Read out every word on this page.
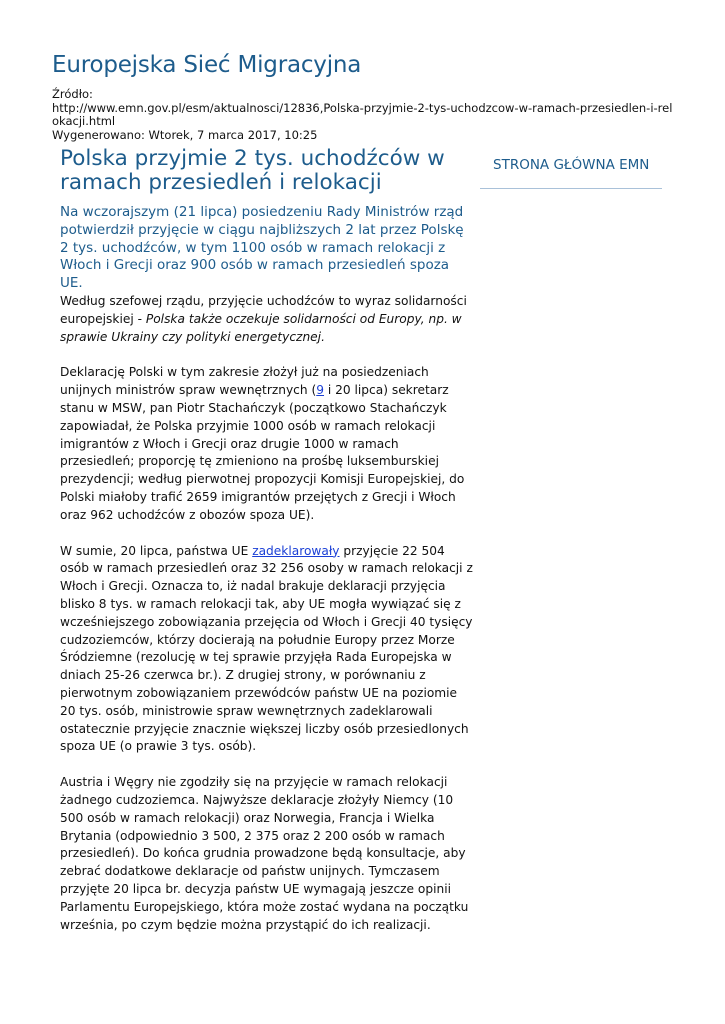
Europejska Sieć Migracyjna
Źródło:
http://www.emn.gov.pl/esm/aktualnosci/12836,Polska-przyjmie-2-tys-uchodzcow-w-ramach-przesiedlen-i-relokacji.html
Wygenerowano: Wtorek, 7 marca 2017, 10:25
Polska przyjmie 2 tys. uchodźców w ramach przesiedleń i relokacji
STRONA GŁÓWNA EMN

Na wczorajszym (21 lipca) posiedzeniu Rady Ministrów rząd potwierdził przyjęcie w ciągu najbliższych 2 lat przez Polskę 2 tys. uchodźców, w tym 1100 osób w ramach relokacji z Włoch i Grecji oraz 900 osób w ramach przesiedleń spoza UE.

Według szefowej rządu, przyjęcie uchodźców to wyraz solidarności europejskiej - Polska także oczekuje solidarności od Europy, np. w sprawie Ukrainy czy polityki energetycznej.

Deklarację Polski w tym zakresie złożył już na posiedzeniach unijnych ministrów spraw wewnętrznych (9 i 20 lipca) sekretarz stanu w MSW, pan Piotr Stachańczyk (początkowo Stachańczyk zapowiadał, że Polska przyjmie 1000 osób w ramach relokacji imigrantów z Włoch i Grecji oraz drugie 1000 w ramach przesiedleń; proporcję tę zmieniono na prośbę luksemburskiej prezydencji; według pierwotnej propozycji Komisji Europejskiej, do Polski miałoby trafić 2659 imigrantów przejętych z Grecji i Włoch oraz 962 uchodźców z obozów spoza UE).

W sumie, 20 lipca, państwa UE zadeklarowały przyjęcie 22 504 osób w ramach przesiedleń oraz 32 256 osoby w ramach relokacji z Włoch i Grecji. Oznacza to, iż nadal brakuje deklaracji przyjęcia blisko 8 tys. w ramach relokacji tak, aby UE mogła wywiązać się z wcześniejszego zobowiązania przejęcia od Włoch i Grecji 40 tysięcy cudzoziemców, którzy docierają na południe Europy przez Morze Śródziemne (rezolucję w tej sprawie przyjęła Rada Europejska w dniach 25-26 czerwca br.). Z drugiej strony, w porównaniu z pierwotnym zobowiązaniem przewódców państw UE na poziomie 20 tys. osób, ministrowie spraw wewnętrznych zadeklarowali ostatecznie przyjęcie znacznie większej liczby osób przesiedlonych spoza UE (o prawie 3 tys. osób).

Austria i Węgry nie zgodziły się na przyjęcie w ramach relokacji żadnego cudzoziemca. Najwyższe deklaracje złożyły Niemcy (10 500 osób w ramach relokacji) oraz Norwegia, Francja i Wielka Brytania (odpowiednio 3 500, 2 375 oraz 2 200 osób w ramach przesiedleń). Do końca grudnia prowadzone będą konsultacje, aby zebrać dodatkowe deklaracje od państw unijnych. Tymczasem przyjęte 20 lipca br. decyzja państw UE wymagają jeszcze opinii Parlamentu Europejskiego, która może zostać wydana na początku września, po czym będzie można przystąpić do ich realizacji.
